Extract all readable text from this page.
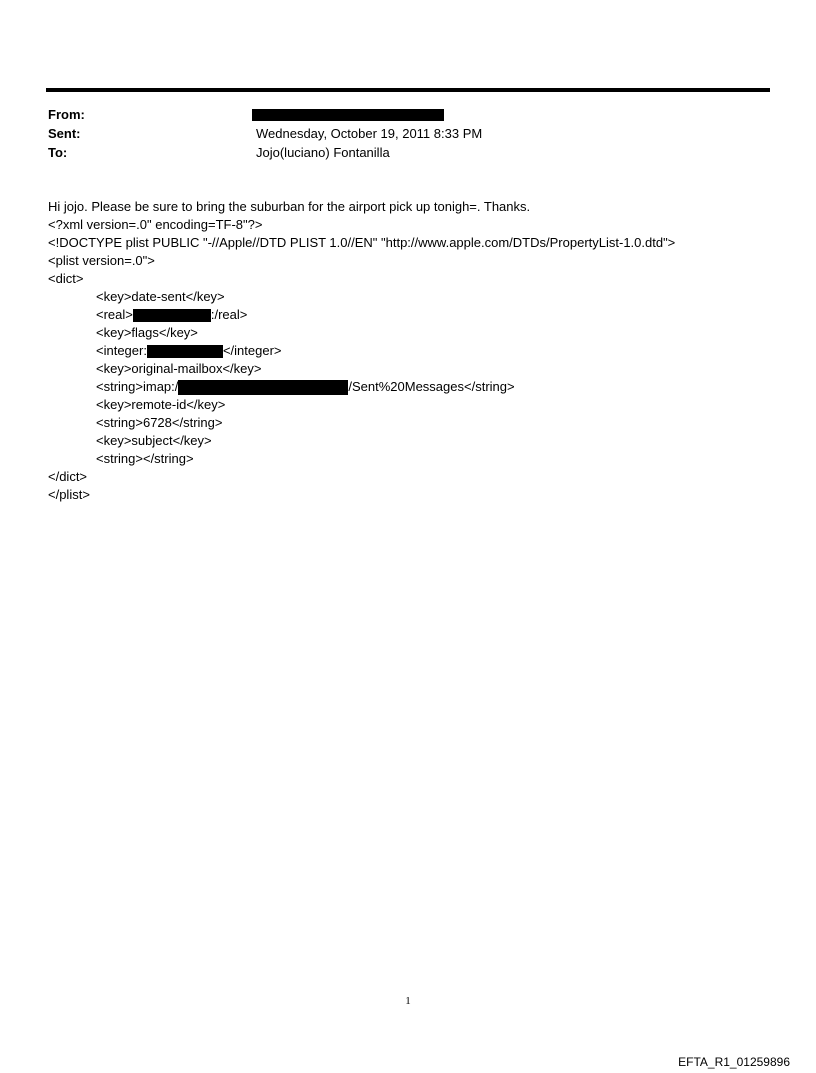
From:
Sent:	Wednesday, October 19, 2011 8:33 PM
To:	Jojo(luciano) Fontanilla
Hi jojo. Please be sure to bring the suburban for the airport pick up tonigh=. Thanks.
<?xml version=.0" encoding=TF-8"?>
<!DOCTYPE plist PUBLIC "-//Apple//DTD PLIST 1.0//EN" "http://www.apple.com/DTDs/PropertyList-1.0.dtd">
<plist version=.0">
<dict>
<key>date-sent</key>
<real>	:/real>
<key>flags</key>
<integer:	</integer>
<key>original-mailbox</key>
<string>imap:/	/Sent%20Messages</string>
<key>remote-id</key>
<string>6728</string>
<key>subject</key>
<string></string>
</dict>
</plist>
1
EFTA_R1_01259896
